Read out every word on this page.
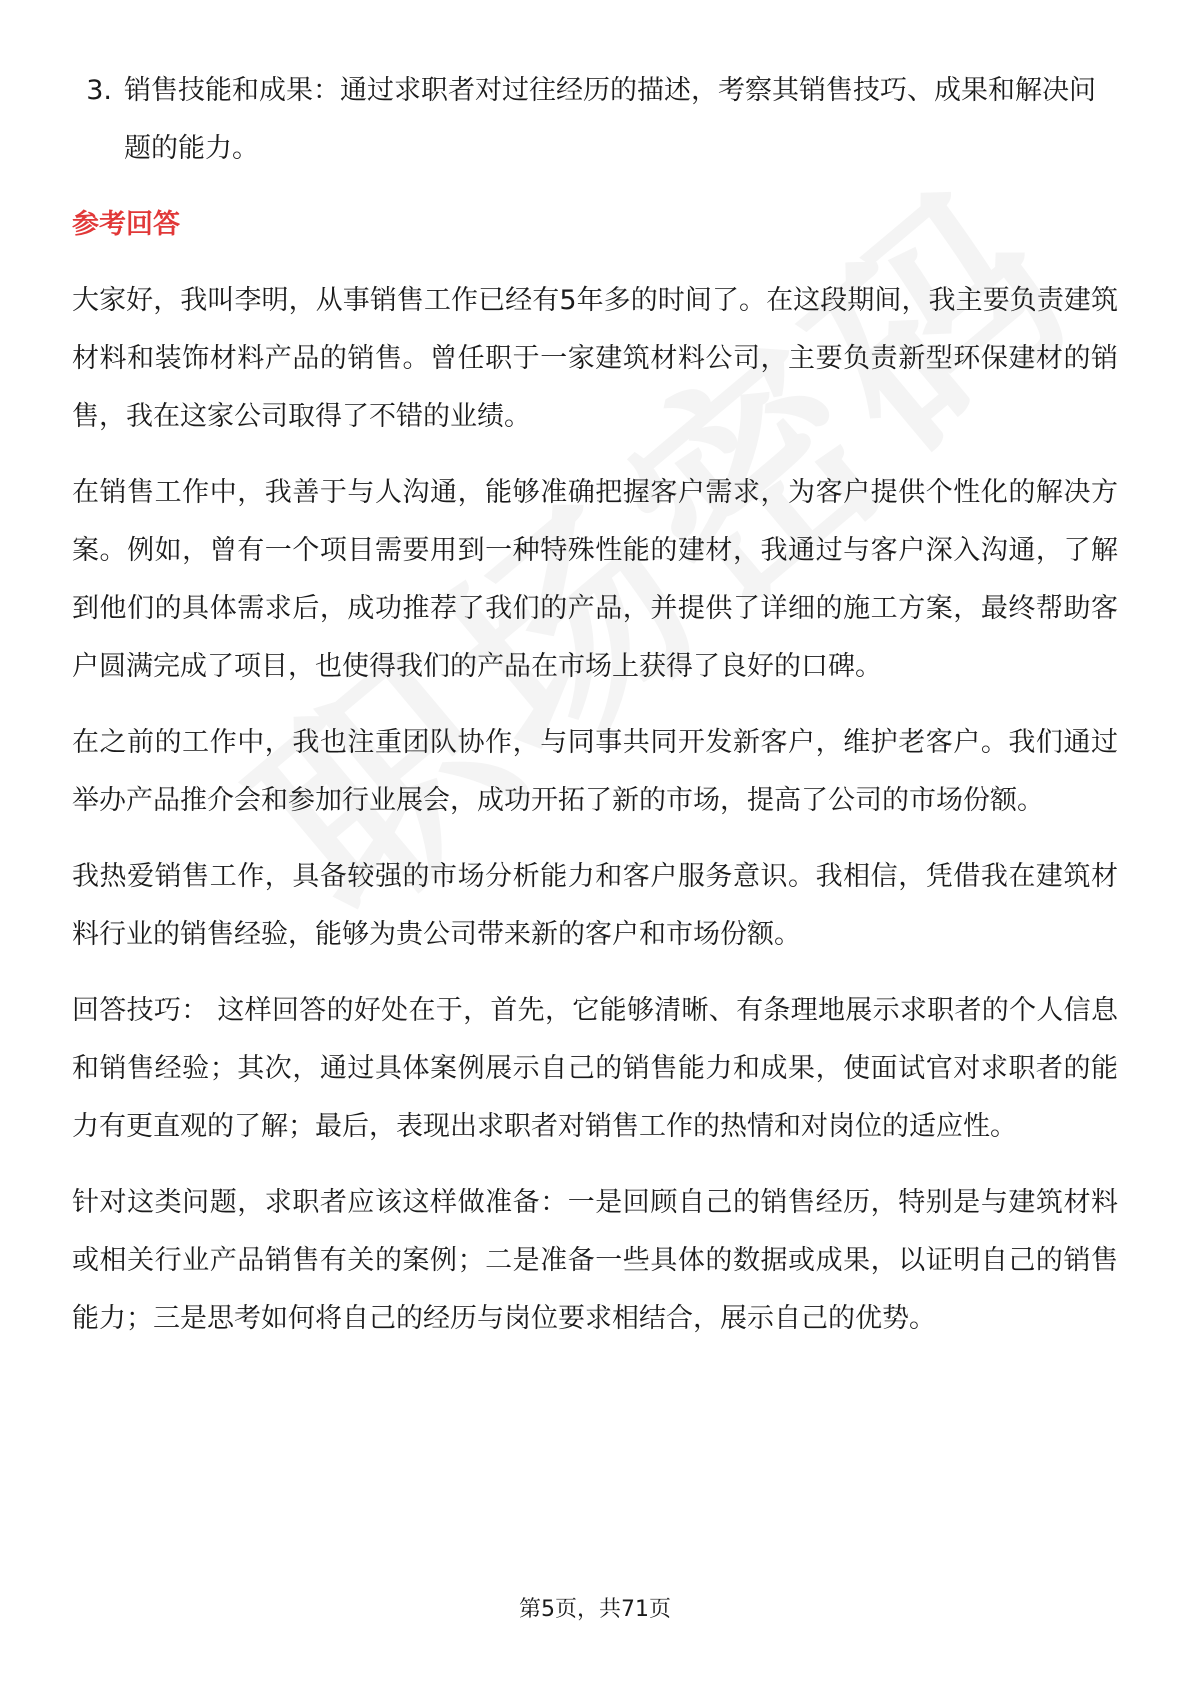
3. 销售技能和成果：通过求职者对过往经历的描述，考察其销售技巧、成果和解决问题的能力。
参考回答

大家好，我叫李明，从事销售工作已经有5年多的时间了。在这段期间，我主要负责建筑材料和装饰材料产品的销售。曾任职于一家建筑材料公司，主要负责新型环保建材的销售，我在这家公司取得了不错的业绩。

在销售工作中，我善于与人沟通，能够准确把握客户需求，为客户提供个性化的解决方案。例如，曾有一个项目需要用到一种特殊性能的建材，我通过与客户深入沟通，了解到他们的具体需求后，成功推荐了我们的产品，并提供了详细的施工方案，最终帮助客户圆满完成了项目，也使得我们的产品在市场上获得了良好的口碑。

在之前的工作中，我也注重团队协作，与同事共同开发新客户，维护老客户。我们通过举办产品推介会和参加行业展会，成功开拓了新的市场，提高了公司的市场份额。

我热爱销售工作，具备较强的市场分析能力和客户服务意识。我相信，凭借我在建筑材料行业的销售经验，能够为贵公司带来新的客户和市场份额。

回答技巧： 这样回答的好处在于，首先，它能够清晰、有条理地展示求职者的个人信息和销售经验；其次，通过具体案例展示自己的销售能力和成果，使面试官对求职者的能力有更直观的了解；最后，表现出求职者对销售工作的热情和对岗位的适应性。

针对这类问题，求职者应该这样做准备：一是回顾自己的销售经历，特别是与建筑材料或相关行业产品销售有关的案例；二是准备一些具体的数据或成果，以证明自己的销售能力；三是思考如何将自己的经历与岗位要求相结合，展示自己的优势。

第5页，共71页
